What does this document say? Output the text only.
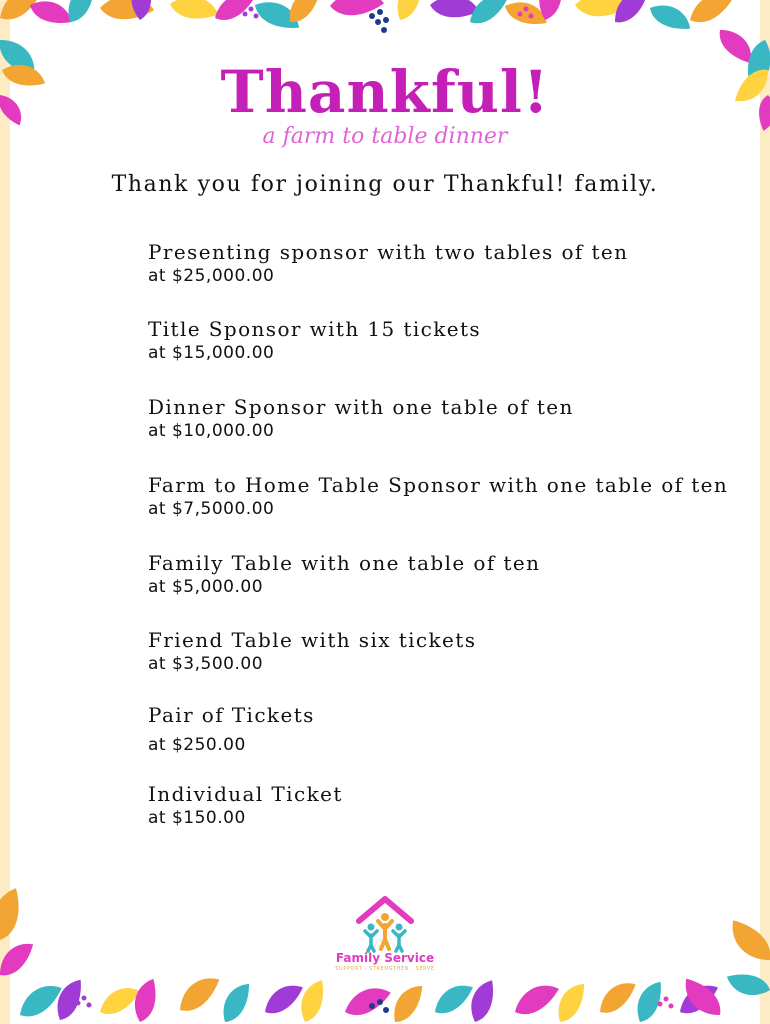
Thankful!

a farm to table dinner

Thank you for joining our Thankful! family.

Presenting sponsor with two tables of ten
at $25,000.00
Title Sponsor with 15 tickets
at $15,000.00
Dinner Sponsor with one table of ten
at $10,000.00
Farm to Home Table Sponsor with one table of ten
at $7,5000.00
Family Table with one table of ten
at $5,000.00
Friend Table with six tickets
at $3,500.00
Pair of Tickets
at $250.00
Individual Ticket
at $150.00
Family Service
SUPPORT · STRENGTHEN · SERVE
